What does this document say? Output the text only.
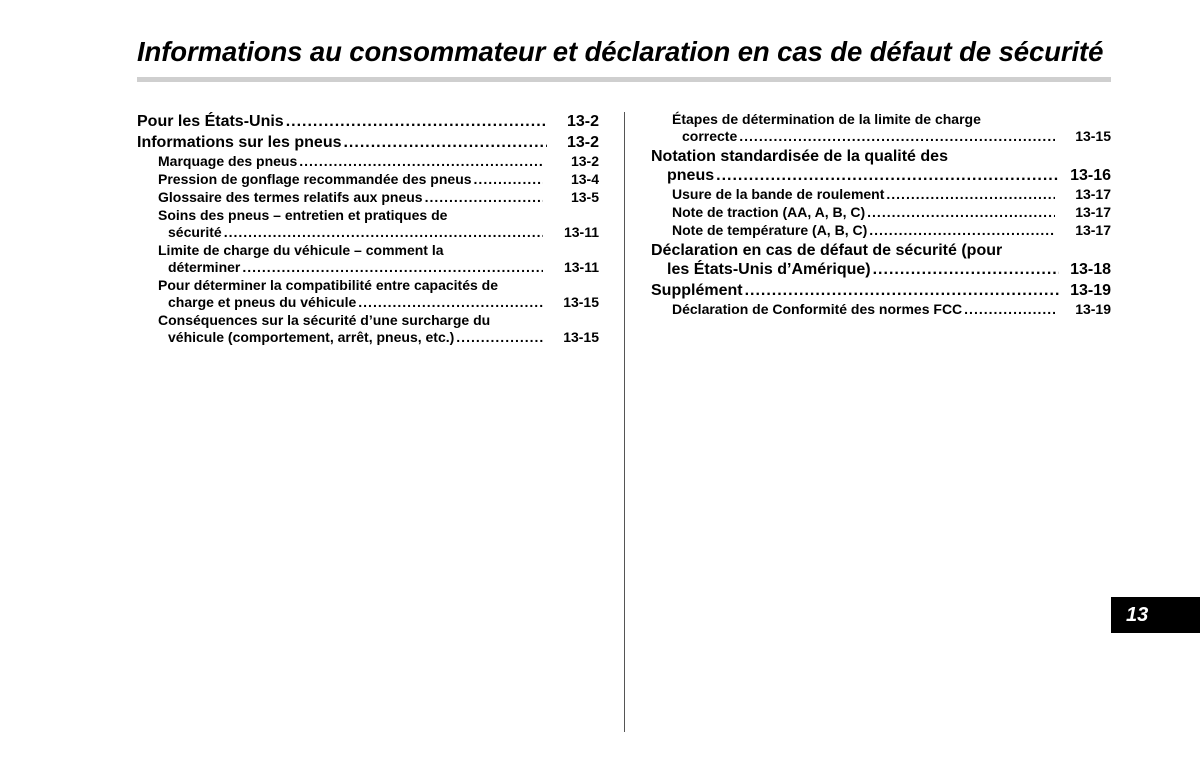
Informations au consommateur et déclaration en cas de défaut de sécurité
Pour les États-Unis .....	13-2
Informations sur les pneus .....	13-2
Marquage des pneus .....	13-2
Pression de gonflage recommandée des pneus .....	13-4
Glossaire des termes relatifs aux pneus .....	13-5
Soins des pneus – entretien et pratiques de
sécurité .....	13-11
Limite de charge du véhicule – comment la
déterminer .....	13-11
Pour déterminer la compatibilité entre capacités de
charge et pneus du véhicule .....	13-15
Conséquences sur la sécurité d’une surcharge du
véhicule (comportement, arrêt, pneus, etc.) .....	13-15
Étapes de détermination de la limite de charge
correcte .....	13-15
Notation standardisée de la qualité des
pneus .....	13-16
Usure de la bande de roulement .....	13-17
Note de traction (AA, A, B, C) .....	13-17
Note de température (A, B, C) .....	13-17
Déclaration en cas de défaut de sécurité (pour
les États-Unis d’Amérique) .....	13-18
Supplément .....	13-19
Déclaration de Conformité des normes FCC .....	13-19
13
